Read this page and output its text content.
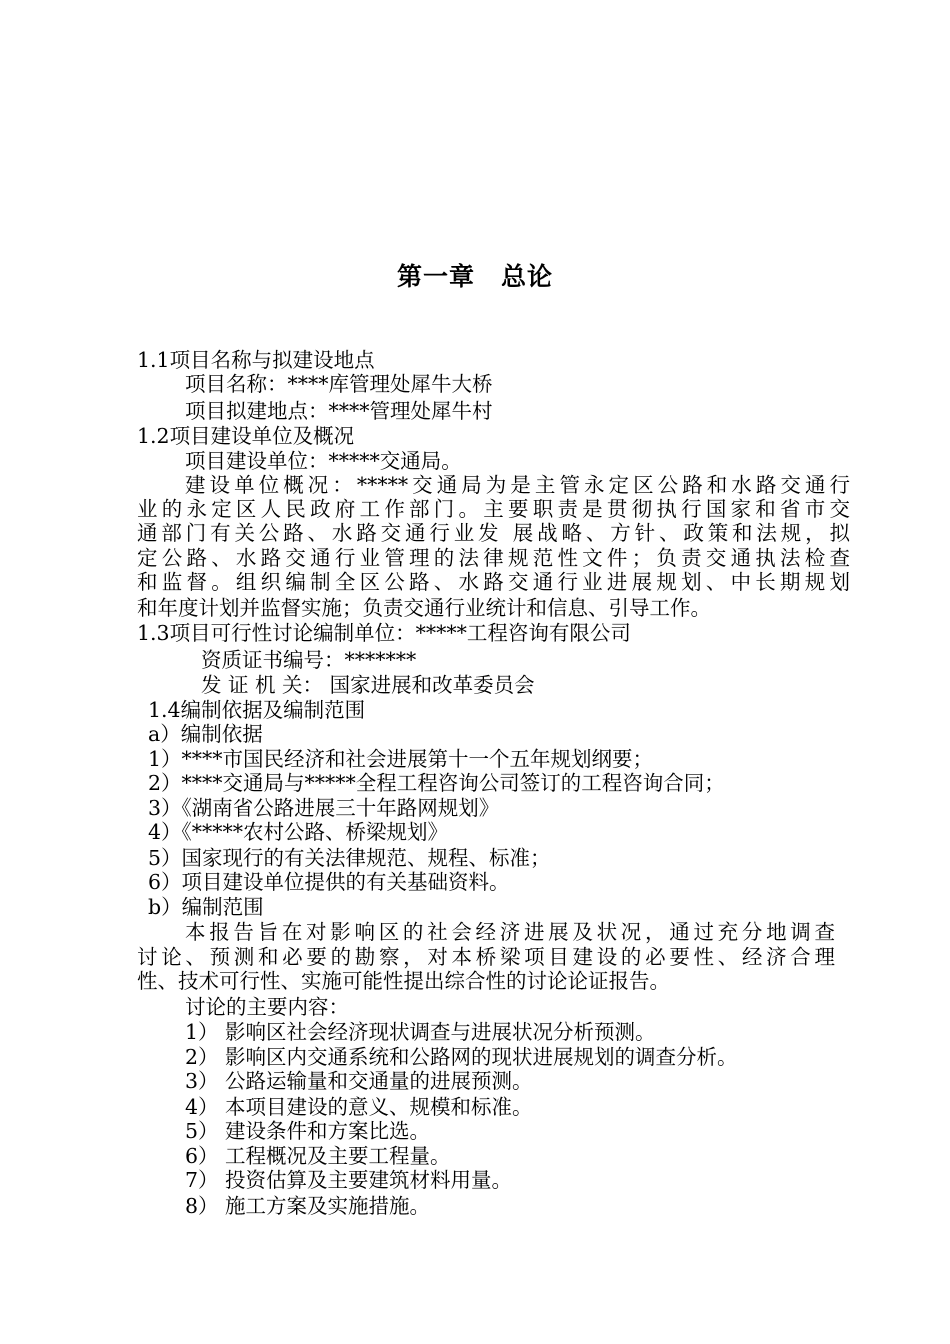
第一章　总论
1.1项目名称与拟建设地点
项目名称：****库管理处犀牛大桥
项目拟建地点：****管理处犀牛村
1.2项目建设单位及概况
项目建设单位：*****交通局。
建设单位概况：*****交通局为是主管永定区公路和水路交通行
业的永定区人民政府工作部门。主要职责是贯彻执行国家和省市交
通部门有关公路、水路交通行业发 展战略、方针、政策和法规，拟
定公路、水路交通行业管理的法律规范性文件；负责交通执法检查
和监督。组织编制全区公路、水路交通行业进展规划、中长期规划
和年度计划并监督实施；负责交通行业统计和信息、引导工作。
1.3项目可行性讨论编制单位：*****工程咨询有限公司
资质证书编号：*******
发 证 机 关： 国家进展和改革委员会
1.4编制依据及编制范围
a）编制依据
1）****市国民经济和社会进展第十一个五年规划纲要；
2）****交通局与*****全程工程咨询公司签订的工程咨询合同；
3）《湖南省公路进展三十年路网规划》
4）《*****农村公路、桥梁规划》
5）国家现行的有关法律规范、规程、标准；
6）项目建设单位提供的有关基础资料。
b）编制范围
本报告旨在对影响区的社会经济进展及状况，通过充分地调查
讨论、预测和必要的勘察，对本桥梁项目建设的必要性、经济合理
性、技术可行性、实施可能性提出综合性的讨论论证报告。
讨论的主要内容：
1） 影响区社会经济现状调查与进展状况分析预测。
2） 影响区内交通系统和公路网的现状进展规划的调查分析。
3） 公路运输量和交通量的进展预测。
4） 本项目建设的意义、规模和标准。
5） 建设条件和方案比选。
6） 工程概况及主要工程量。
7） 投资估算及主要建筑材料用量。
8） 施工方案及实施措施。
